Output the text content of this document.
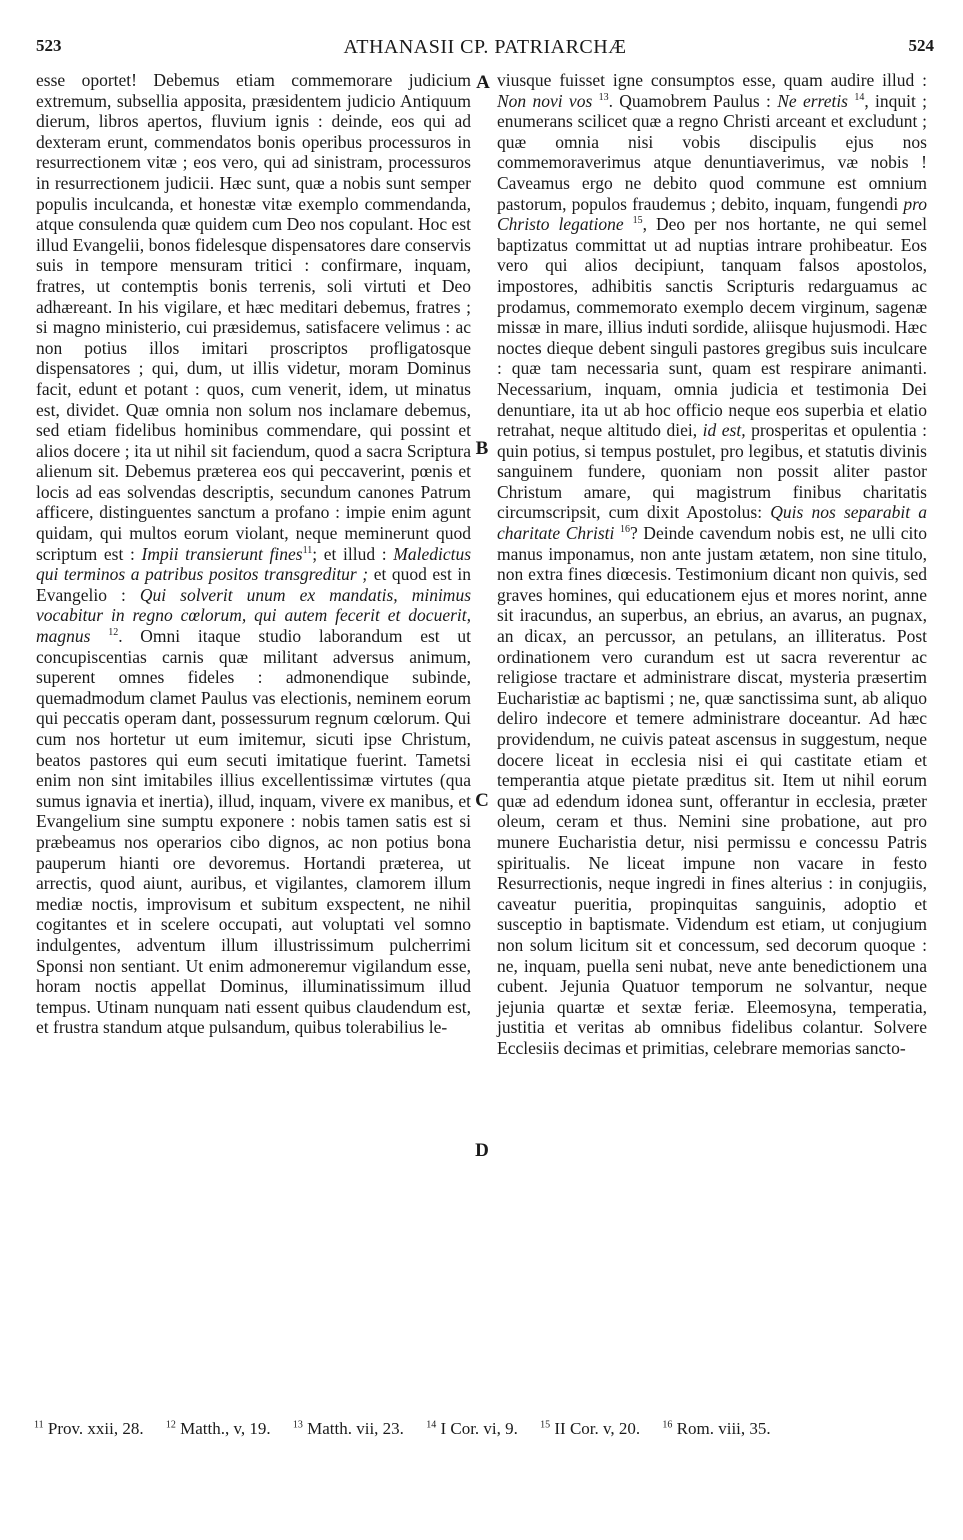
523	ATHANASII CP. PATRIARCHÆ	524
A
B
C
D

esse oportet! Debemus etiam commemorare judicium extremum, subsellia apposita, præsidentem judicio Antiquum dierum, libros apertos, fluvium ignis : deinde, eos qui ad dexteram erunt, commendatos bonis operibus processuros in resurrectionem vitæ ; eos vero, qui ad sinistram, processuros in resurrectionem judicii. Hæc sunt, quæ a nobis sunt semper populis inculcanda, et honestæ vitæ exemplo commendanda, atque consulenda quæ quidem cum Deo nos copulant. Hoc est illud Evangelii, bonos fidelesque dispensatores dare conservis suis in tempore mensuram tritici : confirmare, inquam, fratres, ut contemptis bonis terrenis, soli virtuti et Deo adhæreant. In his vigilare, et hæc meditari debemus, fratres ; si magno ministerio, cui præsidemus, satisfacere velimus : ac non potius illos imitari proscriptos profligatosque dispensatores ; qui, dum, ut illis videtur, moram Dominus facit, edunt et potant : quos, cum venerit, idem, ut minatus est, dividet. Quæ omnia non solum nos inclamare debemus, sed etiam fidelibus hominibus commendare, qui possint et alios docere ; ita ut nihil sit faciendum, quod a sacra Scriptura alienum sit. Debemus præterea eos qui peccaverint, pœnis et locis ad eas solvendas descriptis, secundum canones Patrum afficere, distinguentes sanctum a profano : impie enim agunt quidam, qui multos eorum violant, neque meminerunt quod scriptum est : Impii transierunt fines$^{11}$; et illud : Maledictus qui terminos a patribus positos transgreditur ; et quod est in Evangelio : Qui solverit unum ex mandatis, minimus vocabitur in regno cœlorum, qui autem fecerit et docuerit, magnus $^{12}$. Omni itaque studio laborandum est ut concupiscentias carnis quæ militant adversus animum, superent omnes fideles : admonendique subinde, quemadmodum clamet Paulus vas electionis, neminem eorum qui peccatis operam dant, possessurum regnum cœlorum. Qui cum nos hortetur ut eum imitemur, sicuti ipse Christum, beatos pastores qui eum secuti imitatique fuerint. Tametsi enim non sint imitabiles illius excellentissimæ virtutes (qua sumus ignavia et inertia), illud, inquam, vivere ex manibus, et Evangelium sine sumptu exponere : nobis tamen satis est si præbeamus nos operarios cibo dignos, ac non potius bona pauperum hianti ore devoremus. Hortandi præterea, ut arrectis, quod aiunt, auribus, et vigilantes, clamorem illum mediæ noctis, improvisum et subitum exspectent, ne nihil cogitantes et in scelere occupati, aut voluptati vel somno indulgentes, adventum illum illustrissimum pulcherrimi Sponsi non sentiant. Ut enim admoneremur vigilandum esse, horam noctis appellat Dominus, illuminatissimum illud tempus. Utinam nunquam nati essent quibus claudendum est, et frustra standum atque pulsandum, quibus tolerabilius le-

viusque fuisset igne consumptos esse, quam audire illud : Non novi vos $^{13}$. Quamobrem Paulus : Ne erretis $^{14}$, inquit ; enumerans scilicet quæ a regno Christi arceant et excludunt ; quæ omnia nisi vobis discipulis ejus nos commemoraverimus atque denuntiaverimus, væ nobis ! Caveamus ergo ne debito quod commune est omnium pastorum, populos fraudemus ; debito, inquam, fungendi pro Christo legatione $^{15}$, Deo per nos hortante, ne qui semel baptizatus committat ut ad nuptias intrare prohibeatur. Eos vero qui alios decipiunt, tanquam falsos apostolos, impostores, adhibitis sanctis Scripturis redarguamus ac prodamus, commemorato exemplo decem virginum, sagenæ missæ in mare, illius induti sordide, aliisque hujusmodi. Hæc noctes dieque debent singuli pastores gregibus suis inculcare : quæ tam necessaria sunt, quam est respirare animanti. Necessarium, inquam, omnia judicia et testimonia Dei denuntiare, ita ut ab hoc officio neque eos superbia et elatio retrahat, neque altitudo diei, id est, prosperitas et opulentia : quin potius, si tempus postulet, pro legibus, et statutis divinis sanguinem fundere, quoniam non possit aliter pastor Christum amare, qui magistrum finibus charitatis circumscripsit, cum dixit Apostolus: Quis nos separabit a charitate Christi $^{16}$? Deinde cavendum nobis est, ne ulli cito manus imponamus, non ante justam ætatem, non sine titulo, non extra fines diœcesis. Testimonium dicant non quivis, sed graves homines, qui educationem ejus et mores norint, anne sit iracundus, an superbus, an ebrius, an avarus, an pugnax, an dicax, an percussor, an petulans, an illiteratus. Post ordinationem vero curandum est ut sacra reverentur ac religiose tractare et administrare discat, mysteria præsertim Eucharistiæ ac baptismi ; ne, quæ sanctissima sunt, ab aliquo deliro indecore et temere administrare doceantur. Ad hæc providendum, ne cuivis pateat ascensus in suggestum, neque docere liceat in ecclesia nisi ei qui castitate etiam et temperantia atque pietate præditus sit. Item ut nihil eorum quæ ad edendum idonea sunt, offerantur in ecclesia, præter oleum, ceram et thus. Nemini sine probatione, aut pro munere Eucharistia detur, nisi permissu e concessu Patris spiritualis. Ne liceat impune non vacare in festo Resurrectionis, neque ingredi in fines alterius : in conjugiis, caveatur pueritia, propinquitas sanguinis, adoptio et susceptio in baptismate. Videndum est etiam, ut conjugium non solum licitum sit et concessum, sed decorum quoque : ne, inquam, puella seni nubat, neve ante benedictionem una cubent. Jejunia Quatuor temporum ne solvantur, neque jejunia quartæ et sextæ feriæ. Eleemosyna, temperatia, justitia et veritas ab omnibus fidelibus colantur. Solvere Ecclesiis decimas et primitias, celebrare memorias sancto-

$^{11}$ Prov. xxii, 28. $^{12}$ Matth., v, 19. $^{13}$ Matth. vii, 23. $^{14}$ I Cor. vi, 9. $^{15}$ II Cor. v, 20. $^{16}$ Rom. viii, 35.
